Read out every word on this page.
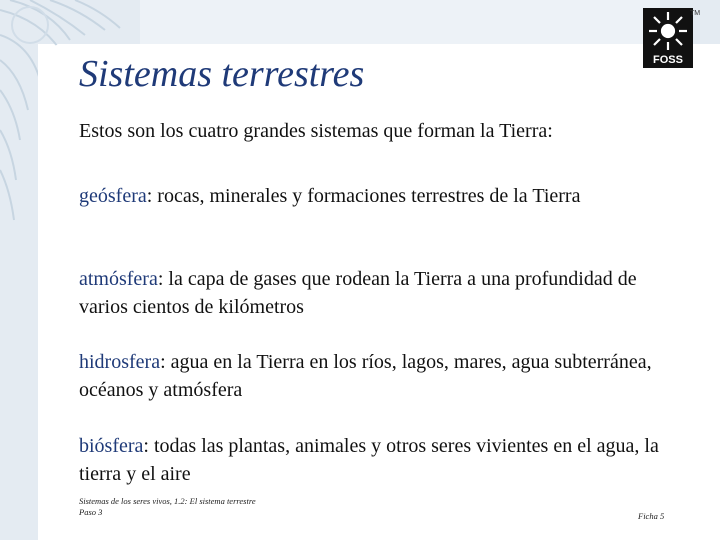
FOSS
TM
Sistemas terrestres
Estos son los cuatro grandes sistemas que forman la Tierra:
geósfera: rocas, minerales y formaciones terrestres de la Tierra
atmósfera: la capa de gases que rodean la Tierra a una profundidad de varios cientos de kilómetros
hidrosfera: agua en la Tierra en los ríos, lagos, mares, agua subterránea, océanos y atmósfera
biósfera: todas las plantas, animales y otros seres vivientes en el agua, la tierra y el aire
Sistemas de los seres vivos, 1.2: El sistema terrestre
Paso 3	Ficha 5
